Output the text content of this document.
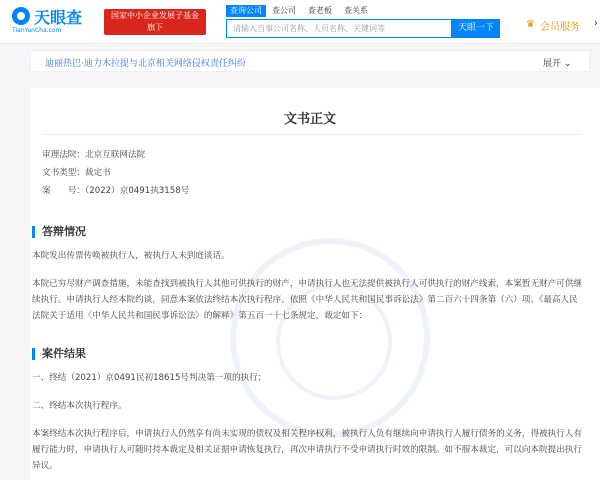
天眼查
TianYanCha.com
国家中小企业发展子基金旗下
官方备案企业征信机构
查询公司	查公司	查老板	查关系
请输入当事公司名称、人员名称、关键词等	天眼一下	♛ 会员服务 ›
迪丽热巴·迪力木拉提与北京相关网络侵权责任纠纷	展开 ⌄
文书正文
审理法院：北京互联网法院
文书类型：裁定书
案　　号：（2022）京0491执3158号
答辩情况
本院发出传票传唤被执行人，被执行人未到庭谈话。
本院已穷尽财产调查措施，未能查找到被执行人其他可供执行的财产，申请执行人也无法提供被执行人可供执行的财产线索，本案暂无财产可供继续执行。申请执行人经本院约谈，同意本案依法终结本次执行程序。依照《中华人民共和国民事诉讼法》第二百六十四条第（六）项、《最高人民法院关于适用〈中华人民共和国民事诉讼法〉的解释》第五百一十七条规定，裁定如下：
案件结果
一、终结（2021）京0491民初18615号判决第一项的执行；
二、终结本次执行程序。
本案终结本次执行程序后，申请执行人仍然享有尚未实现的债权及相关程序权利，被执行人负有继续向申请执行人履行债务的义务，得被执行人有履行能力时，申请执行人可随时持本裁定及相关证据申请恢复执行，再次申请执行不受申请执行时效的限制。如不服本裁定，可以向本院提出执行异议。
